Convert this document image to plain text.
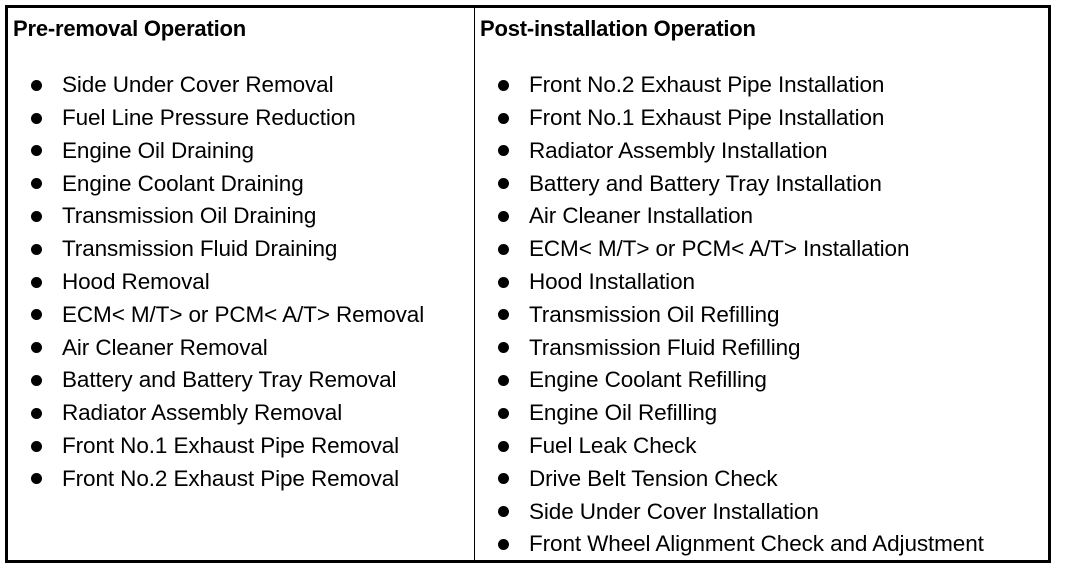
Pre-removal Operation
Side Under Cover Removal
Fuel Line Pressure Reduction
Engine Oil Draining
Engine Coolant Draining
Transmission Oil Draining
Transmission Fluid Draining
Hood Removal
ECM< M/T> or PCM< A/T> Removal
Air Cleaner Removal
Battery and Battery Tray Removal
Radiator Assembly Removal
Front No.1 Exhaust Pipe Removal
Front No.2 Exhaust Pipe Removal
Post-installation Operation
Front No.2 Exhaust Pipe Installation
Front No.1 Exhaust Pipe Installation
Radiator Assembly Installation
Battery and Battery Tray Installation
Air Cleaner Installation
ECM< M/T> or PCM< A/T> Installation
Hood Installation
Transmission Oil Refilling
Transmission Fluid Refilling
Engine Coolant Refilling
Engine Oil Refilling
Fuel Leak Check
Drive Belt Tension Check
Side Under Cover Installation
Front Wheel Alignment Check and Adjustment
